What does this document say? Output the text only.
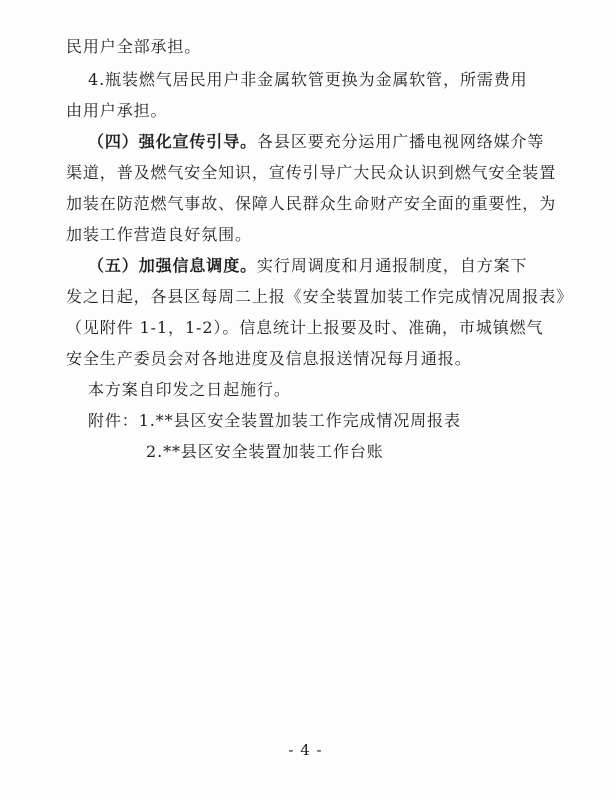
民用户全部承担。
4.瓶装燃气居民用户非金属软管更换为金属软管，所需费用
由用户承担。
（四）强化宣传引导。各县区要充分运用广播电视网络媒介等
渠道，普及燃气安全知识，宣传引导广大民众认识到燃气安全装置
加装在防范燃气事故、保障人民群众生命财产安全面的重要性，为
加装工作营造良好氛围。
（五）加强信息调度。实行周调度和月通报制度，自方案下
发之日起，各县区每周二上报《安全装置加装工作完成情况周报表》
（见附件 1-1，1-2）。信息统计上报要及时、准确，市城镇燃气
安全生产委员会对各地进度及信息报送情况每月通报。
本方案自印发之日起施行。
附件：1.**县区安全装置加装工作完成情况周报表
2.**县区安全装置加装工作台账
- 4 -
